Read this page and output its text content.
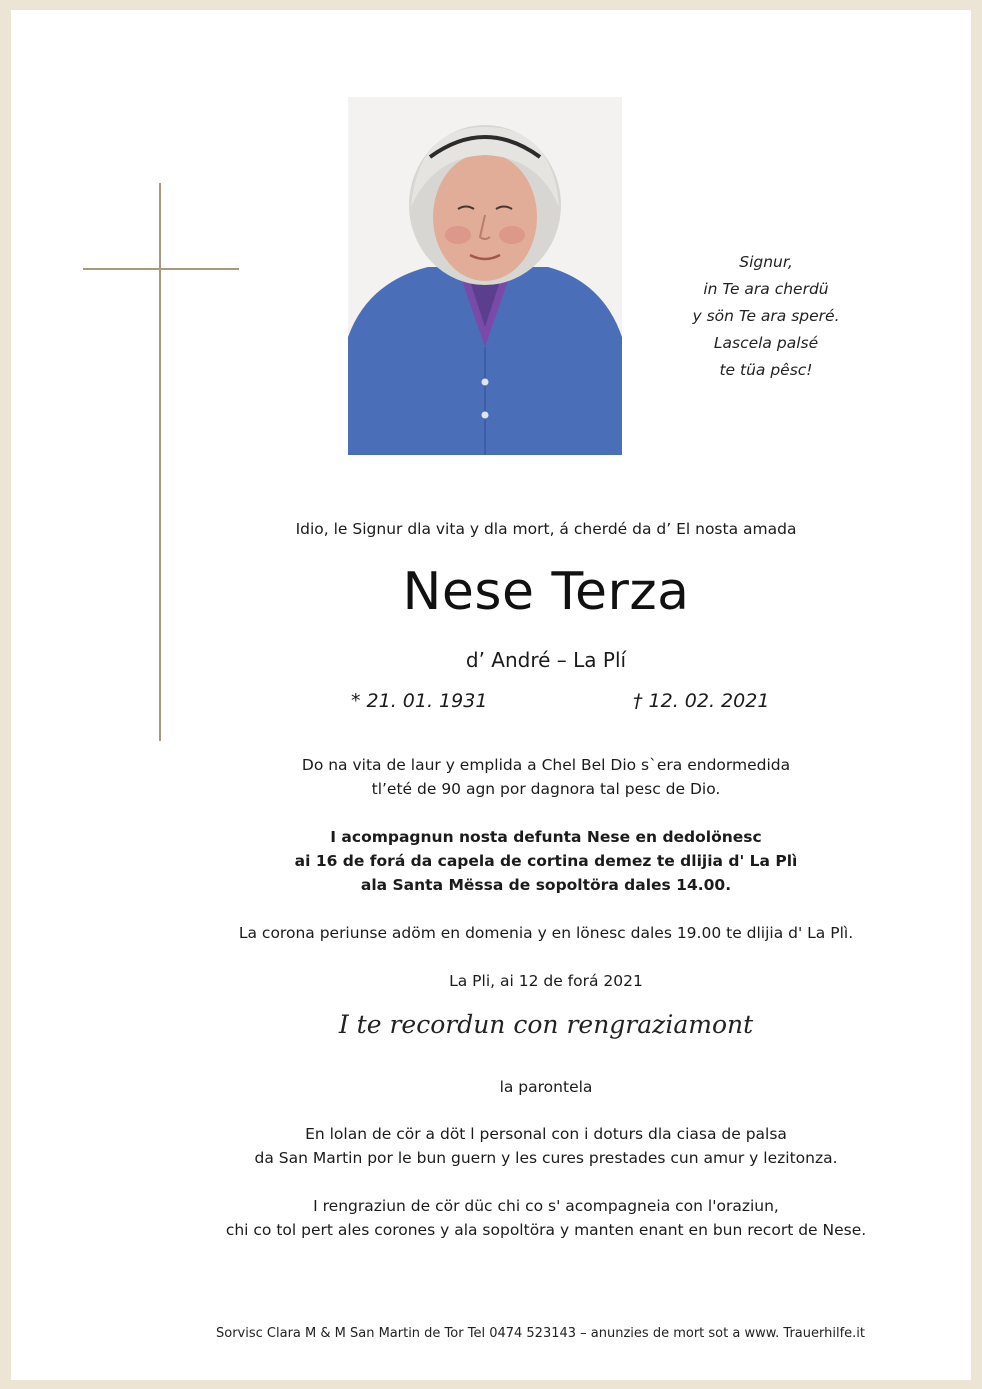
Signur,
in Te ara cherdü
y sön Te ara speré.
Lascela palsé
te tüa pêsc!
Idio, le Signur dla vita y dla mort, á cherdé da d’ El nosta amada
Nese Terza
d’ André – La Plí
* 21. 01. 1931	† 12. 02. 2021
Do na vita de laur y emplida a Chel Bel Dio s`era endormedida
tl’eté de 90 agn por dagnora tal pesc de Dio.
I acompagnun nosta defunta Nese en dedolönesc
ai 16 de forá da capela de cortina demez te dlijia d' La Plì
ala Santa Mëssa de sopoltöra dales 14.00.
La corona periunse adöm en domenia y en lönesc dales 19.00 te dlijia d' La Plì.
La Pli, ai 12 de forá 2021
I te recordun con rengraziamont
la parontela
En lolan de cör a döt l personal con i doturs dla ciasa de palsa
da San Martin por le bun guern y les cures prestades cun amur y lezitonza.
I rengraziun de cör düc chi co s' acompagneia con l'oraziun,
chi co tol pert ales corones y ala sopoltöra y manten enant en bun recort de Nese.
Sorvisc Clara M & M San Martin de Tor Tel 0474 523143 – anunzies de mort sot a www. Trauerhilfe.it
